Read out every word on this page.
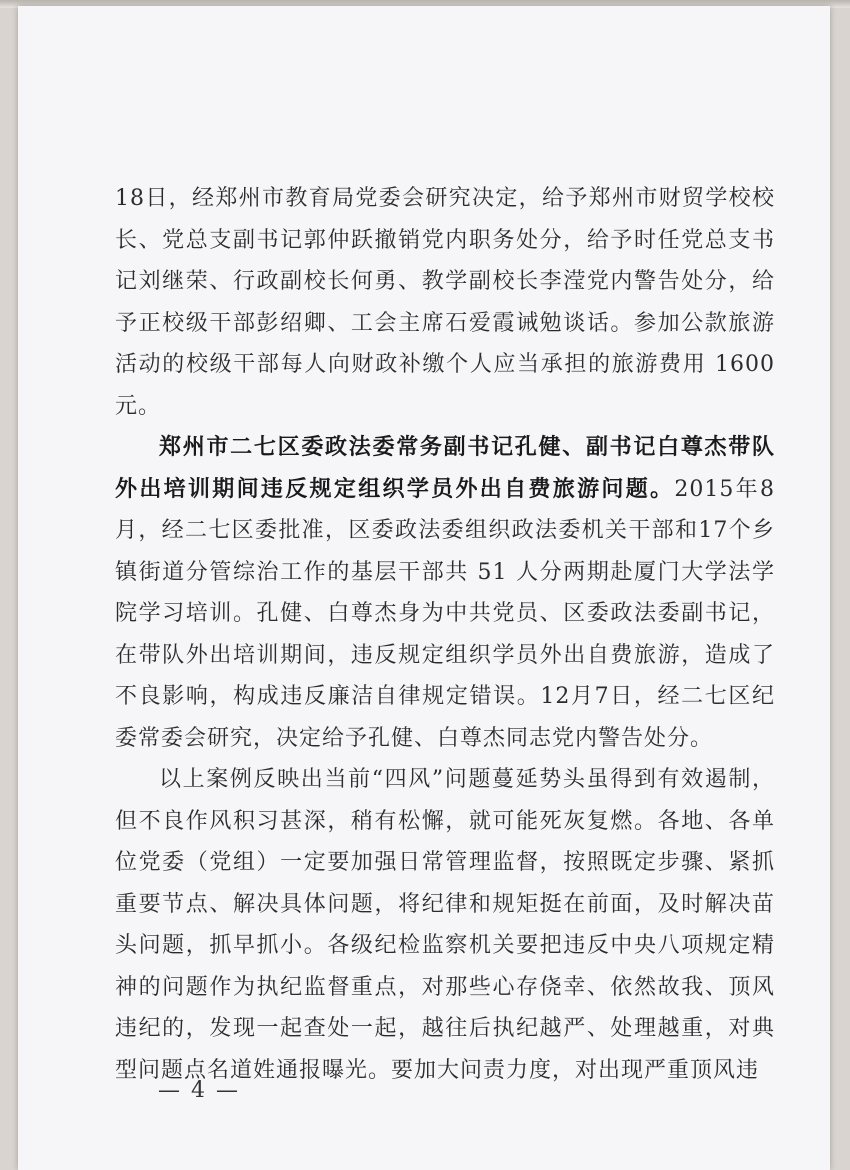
18日，经郑州市教育局党委会研究决定，给予郑州市财贸学校校长、党总支副书记郭仲跃撤销党内职务处分，给予时任党总支书记刘继荣、行政副校长何勇、教学副校长李滢党内警告处分，给予正校级干部彭绍卿、工会主席石爱霞诫勉谈话。参加公款旅游活动的校级干部每人向财政补缴个人应当承担的旅游费用 1600元。

郑州市二七区委政法委常务副书记孔健、副书记白尊杰带队外出培训期间违反规定组织学员外出自费旅游问题。2015年8月，经二七区委批准，区委政法委组织政法委机关干部和17个乡镇街道分管综治工作的基层干部共 51 人分两期赴厦门大学法学院学习培训。孔健、白尊杰身为中共党员、区委政法委副书记，在带队外出培训期间，违反规定组织学员外出自费旅游，造成了不良影响，构成违反廉洁自律规定错误。12月7日，经二七区纪委常委会研究，决定给予孔健、白尊杰同志党内警告处分。

以上案例反映出当前“四风”问题蔓延势头虽得到有效遏制，但不良作风积习甚深，稍有松懈，就可能死灰复燃。各地、各单位党委（党组）一定要加强日常管理监督，按照既定步骤、紧抓重要节点、解决具体问题，将纪律和规矩挺在前面，及时解决苗头问题，抓早抓小。各级纪检监察机关要把违反中央八项规定精神的问题作为执纪监督重点，对那些心存侥幸、依然故我、顶风违纪的，发现一起查处一起，越往后执纪越严、处理越重，对典型问题点名道姓通报曝光。要加大问责力度，对出现严重顶风违

— 4 —
